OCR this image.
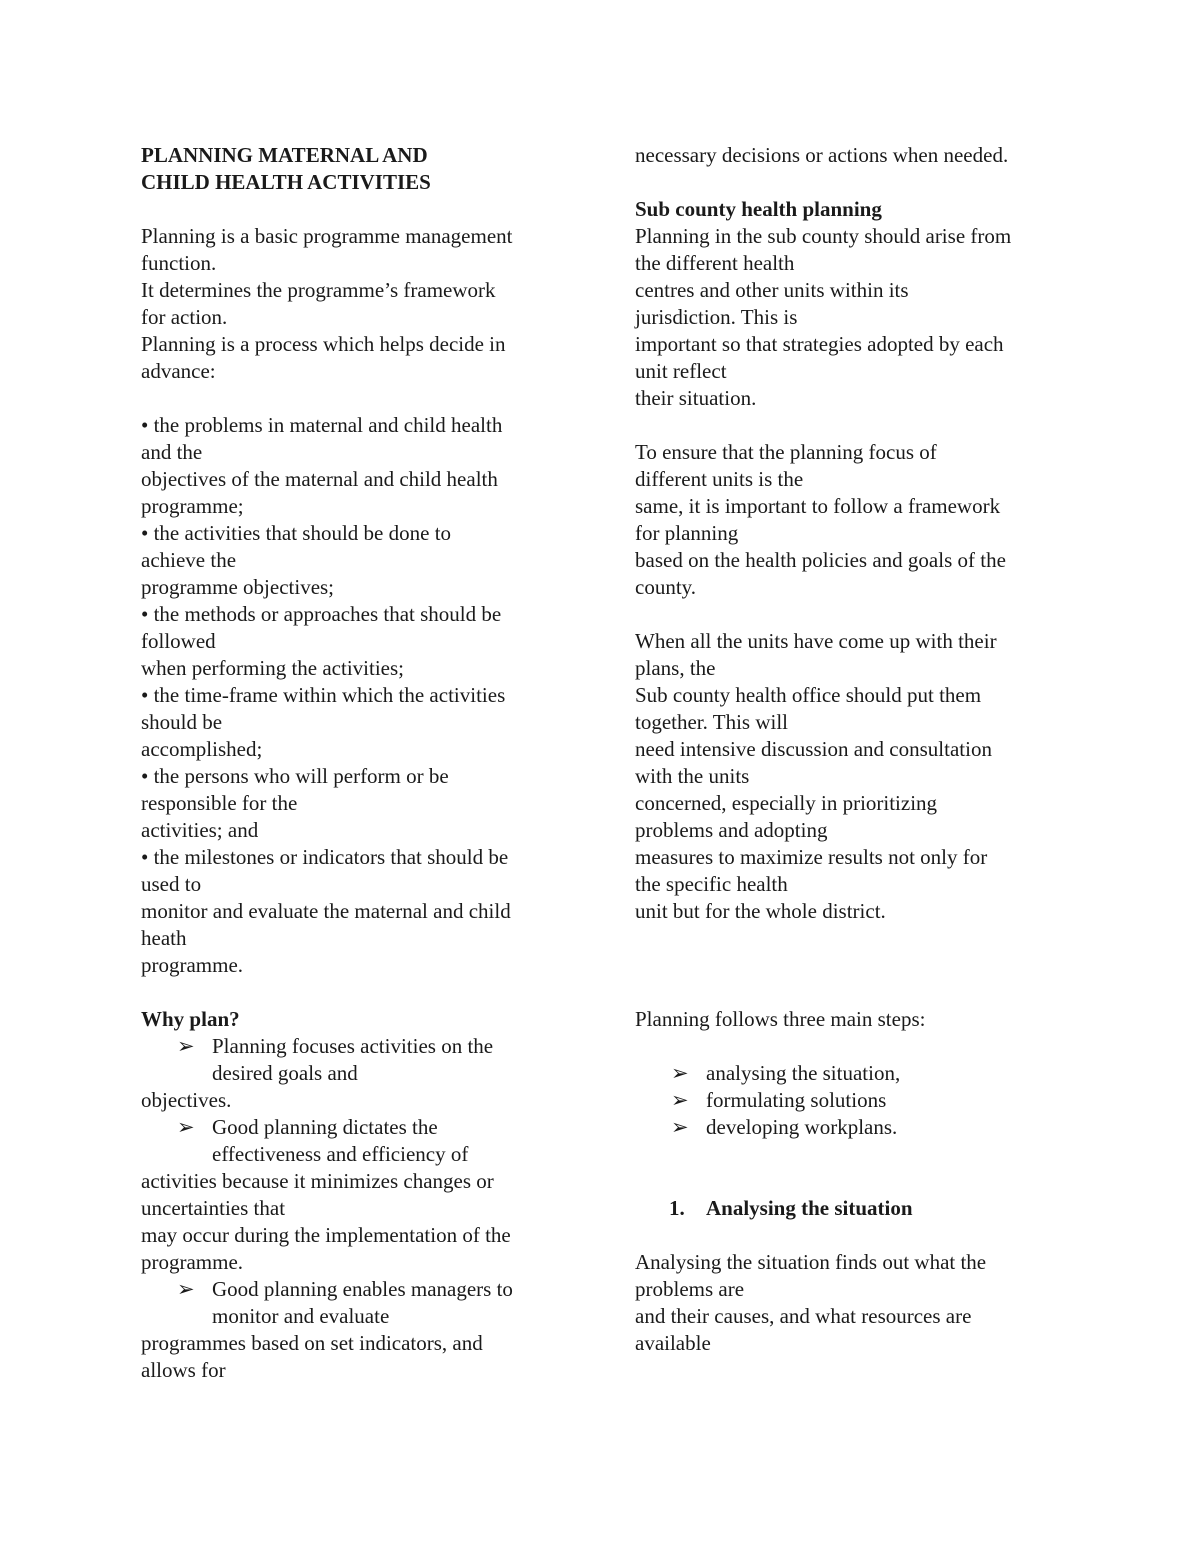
PLANNING MATERNAL AND
CHILD HEALTH ACTIVITIES
Planning is a basic programme management
function.
It determines the programme’s framework
for action.
Planning is a process which helps decide in
advance:
• the problems in maternal and child health
and the
objectives of the maternal and child health
programme;
• the activities that should be done to
achieve the
programme objectives;
• the methods or approaches that should be
followed
when performing the activities;
• the time-frame within which the activities
should be
accomplished;
• the persons who will perform or be
responsible for the
activities; and
• the milestones or indicators that should be
used to
monitor and evaluate the maternal and child
heath
programme.
Why plan?
➢ Planning focuses activities on the
desired goals and
objectives.
➢ Good planning dictates the
effectiveness and efficiency of
activities because it minimizes changes or
uncertainties that
may occur during the implementation of the
programme.
➢ Good planning enables managers to
monitor and evaluate
programmes based on set indicators, and
allows for
necessary decisions or actions when needed.
Sub county health planning
Planning in the sub county should arise from
the different health
centres and other units within its
jurisdiction. This is
important so that strategies adopted by each
unit reflect
their situation.
To ensure that the planning focus of
different units is the
same, it is important to follow a framework
for planning
based on the health policies and goals of the
county.
When all the units have come up with their
plans, the
Sub county health office should put them
together. This will
need intensive discussion and consultation
with the units
concerned, especially in prioritizing
problems and adopting
measures to maximize results not only for
the specific health
unit but for the whole district.
Planning follows three main steps:
➢ analysing the situation,
➢ formulating solutions
➢ developing workplans.
1. Analysing the situation
Analysing the situation finds out what the
problems are
and their causes, and what resources are
available
